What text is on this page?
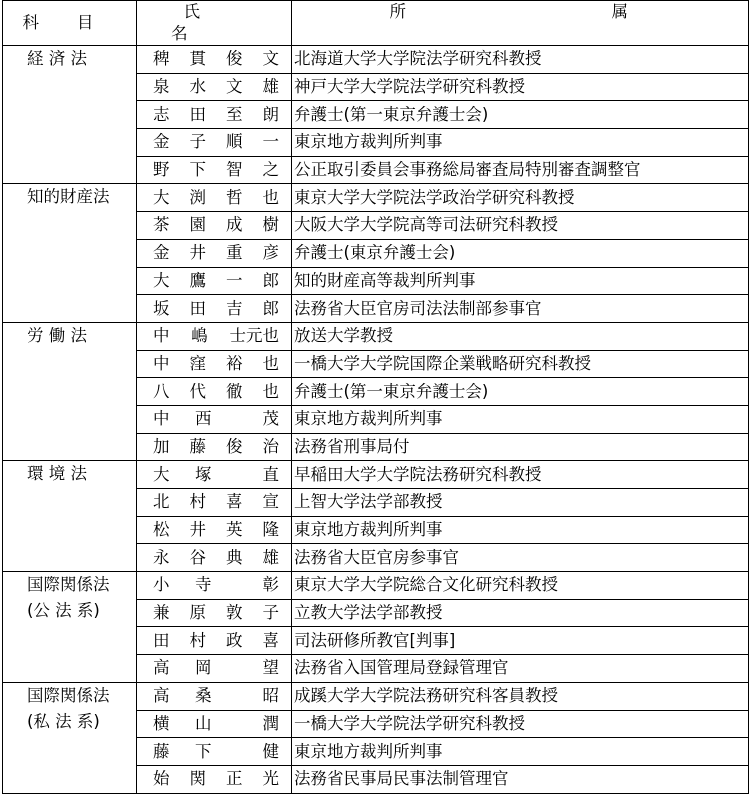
科目	氏名	所 属

経 済 法	稗 貫 俊 文	北海道大学大学院法学研究科教授

	泉 水 文 雄	神戸大学大学院法学研究科教授

	志 田 至 朗	弁護士(第一東京弁護士会)

	金 子 順 一	東京地方裁判所判事

	野 下 智 之	公正取引委員会事務総局審査局特別審査調整官

知的財産法	大 渕 哲 也	東京大学大学院法学政治学研究科教授

	茶 園 成 樹	大阪大学大学院高等司法研究科教授

	金 井 重 彦	弁護士(東京弁護士会)

	大 鷹 一 郎	知的財産高等裁判所判事

	坂 田 吉 郎	法務省大臣官房司法法制部参事官

労 働 法	中 嶋 士元也	放送大学教授

	中 窪 裕 也	一橋大学大学院国際企業戦略研究科教授

	八 代 徹 也	弁護士(第一東京弁護士会)

	中 西 茂	東京地方裁判所判事

	加 藤 俊 治	法務省刑事局付

環 境 法	大 塚 直	早稲田大学大学院法務研究科教授

	北 村 喜 宣	上智大学法学部教授

	松 井 英 隆	東京地方裁判所判事

	永 谷 典 雄	法務省大臣官房参事官

国際関係法
(公 法 系)	小 寺 彰	東京大学大学院総合文化研究科教授

	兼 原 敦 子	立教大学法学部教授

	田 村 政 喜	司法研修所教官[判事]

	高 岡 望	法務省入国管理局登録管理官

国際関係法
(私 法 系)	高 桑 昭	成蹊大学大学院法務研究科客員教授

	横 山 潤	一橋大学大学院法学研究科教授

	藤 下 健	東京地方裁判所判事

	始 関 正 光	法務省民事局民事法制管理官
